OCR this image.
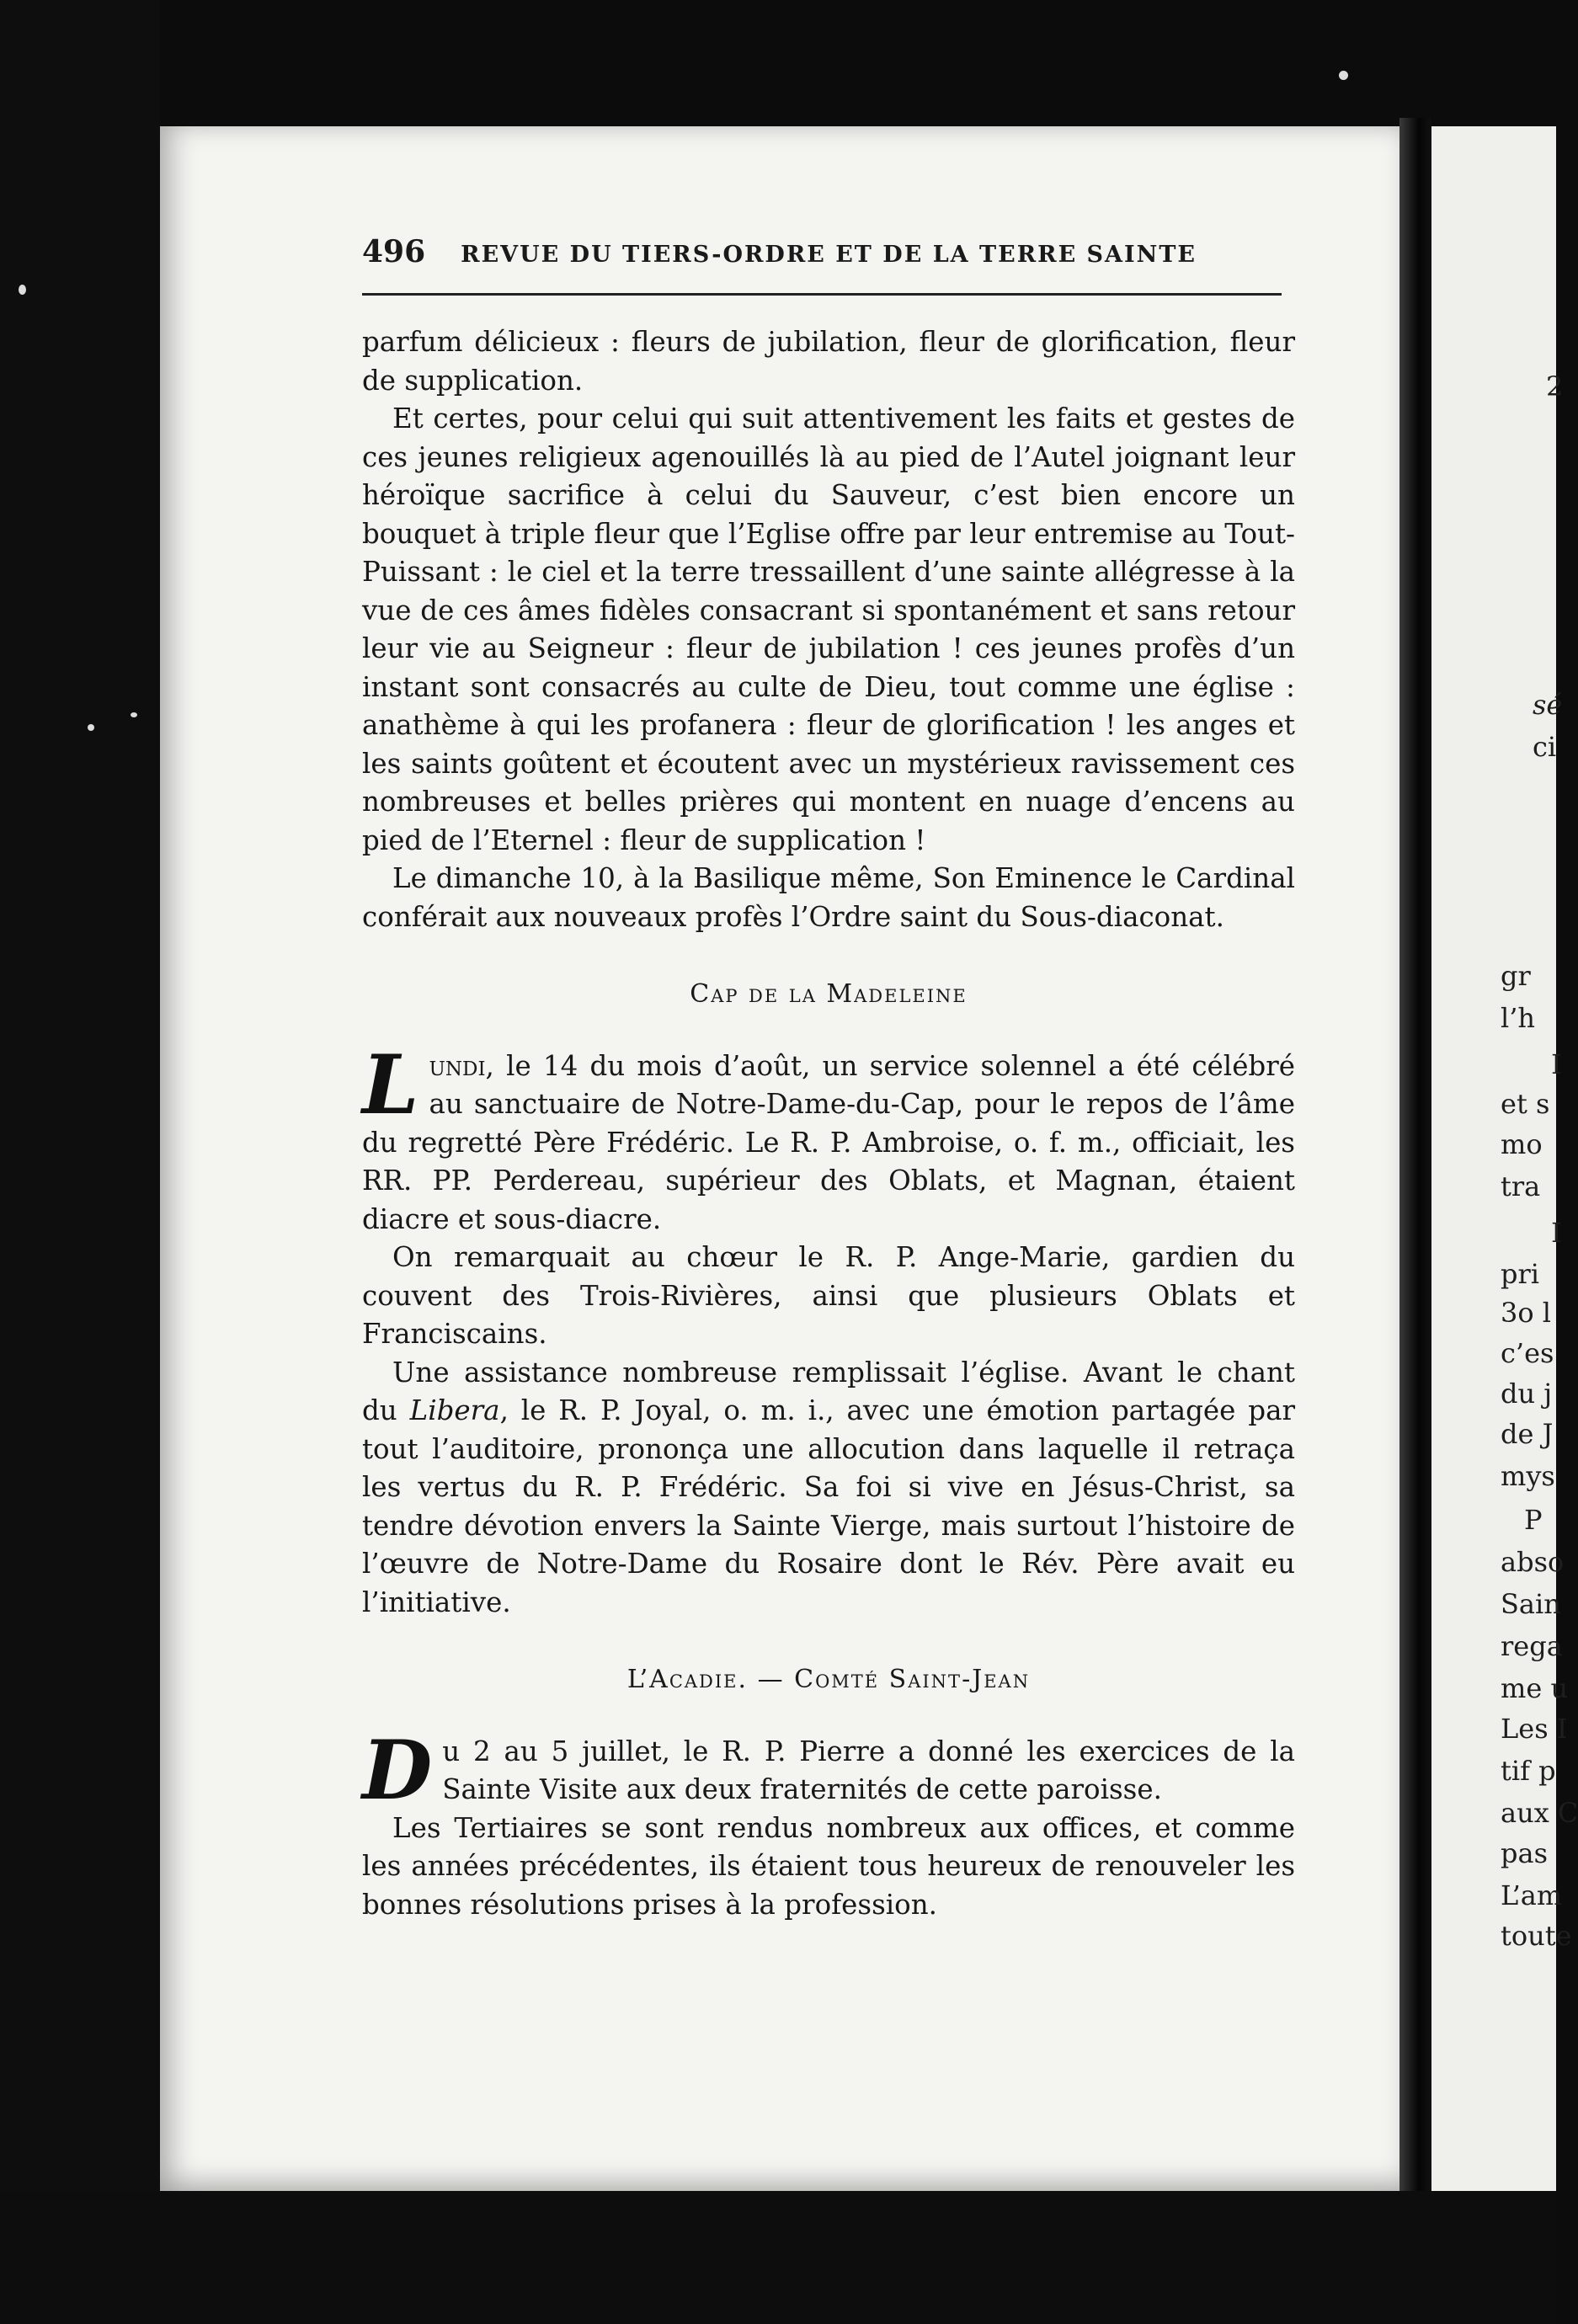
496 REVUE DU TIERS-ORDRE ET DE LA TERRE SAINTE

parfum délicieux : fleurs de jubilation, fleur de glorification, fleur de supplication.

Et certes, pour celui qui suit attentivement les faits et gestes de ces jeunes religieux agenouillés là au pied de l’Autel joignant leur héroïque sacrifice à celui du Sauveur, c’est bien encore un bouquet à triple fleur que l’Eglise offre par leur entremise au Tout-Puissant : le ciel et la terre tressaillent d’une sainte allégresse à la vue de ces âmes fidèles consacrant si spontanément et sans retour leur vie au Seigneur : fleur de jubilation ! ces jeunes profès d’un instant sont consacrés au culte de Dieu, tout comme une église : anathème à qui les profanera : fleur de glorification ! les anges et les saints goûtent et écoutent avec un mystérieux ravissement ces nombreuses et belles prières qui montent en nuage d’encens au pied de l’Eternel : fleur de supplication !

Le dimanche 10, à la Basilique même, Son Eminence le Cardinal conférait aux nouveaux profès l’Ordre saint du Sous-diaconat.

Cap de la Madeleine

Lundi, le 14 du mois d’août, un service solennel a été célébré au sanctuaire de Notre-Dame-du-Cap, pour le repos de l’âme du regretté Père Frédéric. Le R. P. Ambroise, o. f. m., officiait, les RR. PP. Perdereau, supérieur des Oblats, et Magnan, étaient diacre et sous-diacre.

On remarquait au chœur le R. P. Ange-Marie, gardien du couvent des Trois-Rivières, ainsi que plusieurs Oblats et Franciscains.

Une assistance nombreuse remplissait l’église. Avant le chant du Libera, le R. P. Joyal, o. m. i., avec une émotion partagée par tout l’auditoire, prononça une allocution dans laquelle il retraça les vertus du R. P. Frédéric. Sa foi si vive en Jésus-Christ, sa tendre dévotion envers la Sainte Vierge, mais surtout l’histoire de l’œuvre de Notre-Dame du Rosaire dont le Rév. Père avait eu l’initiative.

L’Acadie. — Comté Saint-Jean

Du 2 au 5 juillet, le R. P. Pierre a donné les exercices de la Sainte Visite aux deux fraternités de cette paroisse.

Les Tertiaires se sont rendus nombreux aux offices, et comme les années précédentes, ils étaient tous heureux de renouveler les bonnes résolutions prises à la profession.

2
sé
ci
gr
l’h
I
et s
mo
tra
I
pri
3o l
c’es
du j
de J
mys
P
abso
Sain
rega
me u
Les I
tif p
aux C
pas
L’am
toute
